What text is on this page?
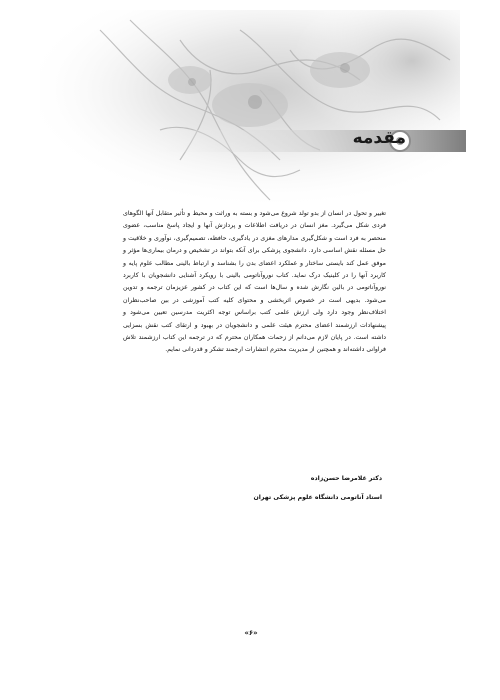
مقدمه

تغییر و تحول در انسان از بدو تولد شروع می‌شود و بسته به وراثت و محیط و تأثیر متقابل آنها الگوهای فردی شکل می‌گیرد. مغز انسان در دریافت اطلاعات و پردازش آنها و ایجاد پاسخ مناسب، عضوی منحصر به فرد است و شکل‌گیری مدارهای مغزی در یادگیری، حافظه، تصمیم‌گیری، نوآوری و خلاقیت و حل مسئله نقش اساسی دارد. دانشجوی پزشکی برای آنکه بتواند در تشخیص و درمان بیماری‌ها مؤثر و موفق عمل کند بایستی ساختار و عملکرد اعضای بدن را بشناسد و ارتباط بالینی مطالب علوم پایه و کاربرد آنها را در کلینیک درک نماید. کتاب نوروآناتومی بالینی با رویکرد آشنایی دانشجویان با کاربرد نوروآناتومی در بالین نگارش شده و سال‌ها است که این کتاب در کشور عزیزمان ترجمه و تدوین می‌شود. بدیهی است در خصوص اثربخشی و محتوای کلیه کتب آموزشی در بین صاحب‌نظران اختلاف‌نظر وجود دارد ولی ارزش علمی کتب براساس توجه اکثریت مدرسین تعیین می‌شود و پیشنهادات ارزشمند اعضای محترم هیئت علمی و دانشجویان در بهبود و ارتقای کتب نقش بسزایی داشته است. در پایان لازم می‌دانم از زحمات همکاران محترم که در ترجمه این کتاب ارزشمند تلاش فراوانی داشته‌اند و همچنین از مدیریت محترم انتشارات ارجمند تشکر و قدردانی نمایم.

دکتر غلامرضا حسن‌زاده
استاد آناتومی دانشگاه علوم پزشکی تهران
«۶»
